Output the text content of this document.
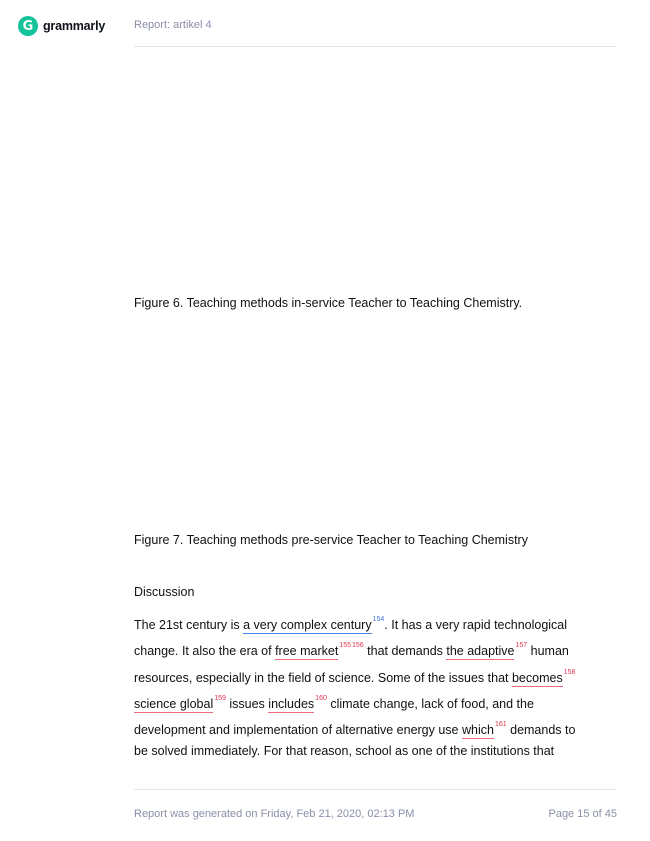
G grammarly	Report: artikel 4
Figure 6. Teaching methods in-service Teacher to Teaching Chemistry.
Figure 7. Teaching methods pre-service Teacher to Teaching Chemistry
Discussion
The 21st century is a very complex century$^{154}$. It has a very rapid technological
change. It also the era of free market$^{155156}$ that demands the adaptive$^{157}$ human
resources, especially in the field of science. Some of the issues that becomes$^{158}$
science global$^{159}$ issues includes$^{160}$ climate change, lack of food, and the
development and implementation of alternative energy use which$^{161}$ demands to
be solved immediately. For that reason, school as one of the institutions that
Report was generated on Friday, Feb 21, 2020, 02:13 PM	Page 15 of 45
